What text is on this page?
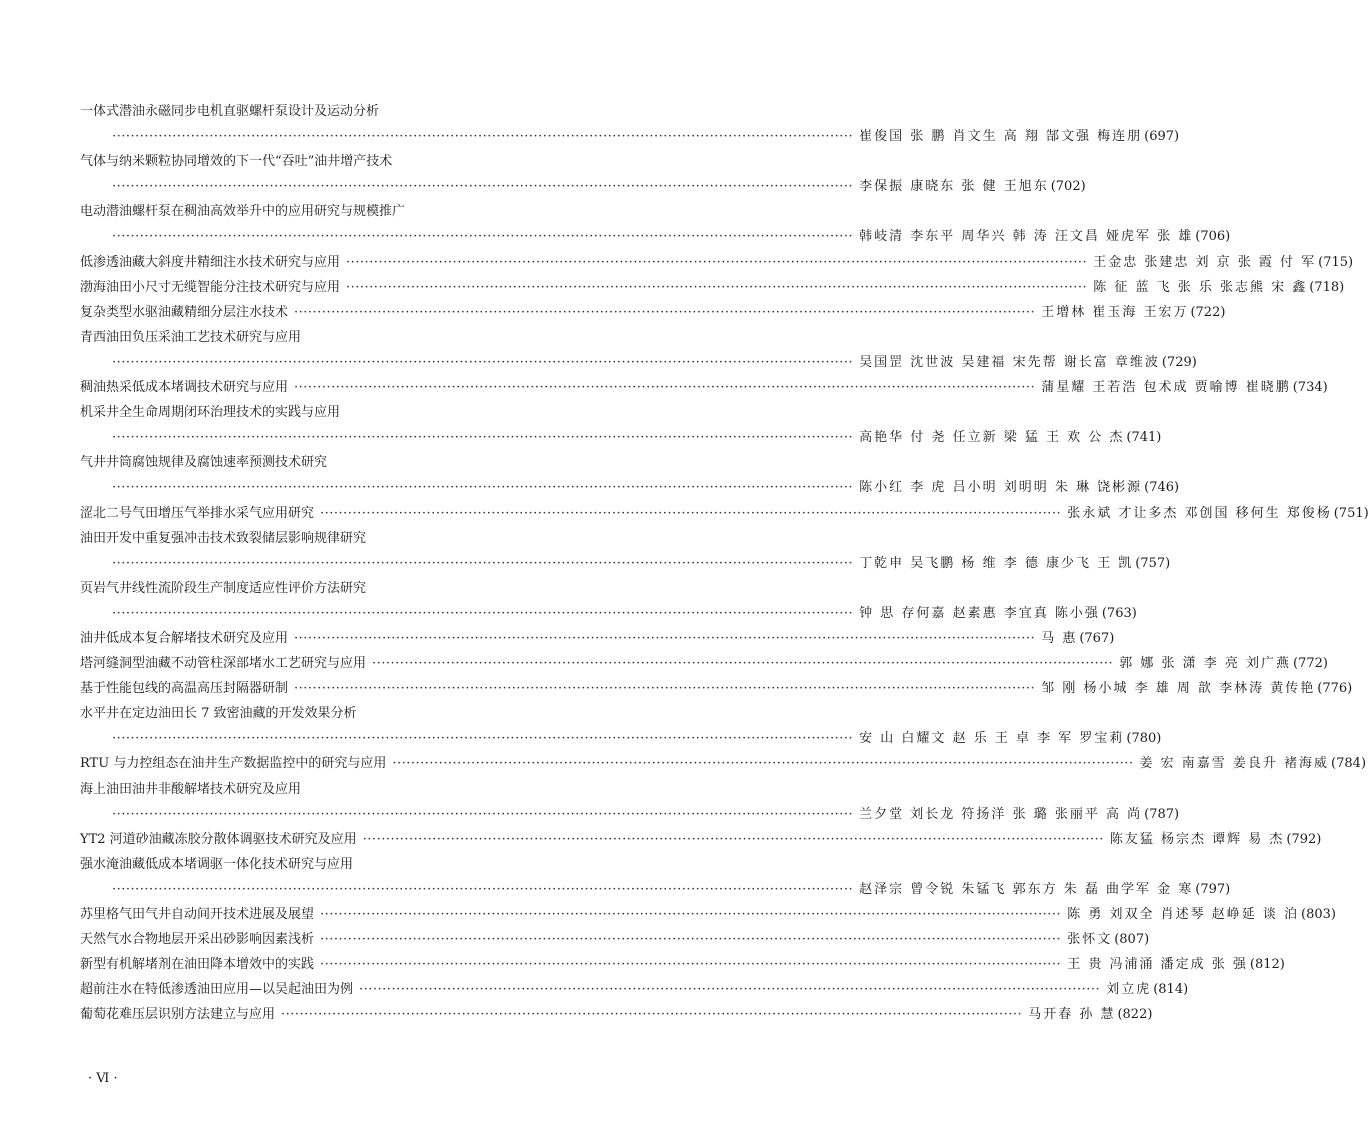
一体式潜油永磁同步电机直驱螺杆泵设计及运动分析
································································································································································ 崔俊国 张 鹏 肖文生 高 翔 郜文强 梅连朋 (697)
气体与纳米颗粒协同增效的下一代“吞吐”油井增产技术
································································································································································ 李保振 康晓东 张 健 王旭东 (702)
电动潜油螺杆泵在稠油高效举升中的应用研究与规模推广
································································································································································ 韩岐清 李东平 周华兴 韩 涛 汪文昌 娅虎军 张 雄 (706)
低渗透油藏大斜度井精细注水技术研究与应用 ································································································································································ 王金忠 张建忠 刘 京 张 霞 付 军 (715)
渤海油田小尺寸无缆智能分注技术研究与应用 ································································································································································ 陈 征 蓝 飞 张 乐 张志熊 宋 鑫 (718)
复杂类型水驱油藏精细分层注水技术 ································································································································································ 王增林 崔玉海 王宏万 (722)
青西油田负压采油工艺技术研究与应用
································································································································································ 吴国罡 沈世波 吴建福 宋先帮 谢长富 章维波 (729)
稠油热采低成本堵调技术研究与应用 ································································································································································ 蒲星耀 王若浩 包术成 贾喻博 崔晓鹏 (734)
机采井全生命周期闭环治理技术的实践与应用
································································································································································ 高艳华 付 尧 任立新 梁 猛 王 欢 公 杰 (741)
气井井筒腐蚀规律及腐蚀速率预测技术研究
································································································································································ 陈小红 李 虎 吕小明 刘明明 朱 琳 饶彬源 (746)
涩北二号气田增压气举排水采气应用研究 ································································································································································ 张永斌 才让多杰 邓创国 移何生 郑俊杨 (751)
油田开发中重复强冲击技术致裂储层影响规律研究
································································································································································ 丁乾申 吴飞鹏 杨 维 李 德 康少飞 王 凯 (757)
页岩气井线性流阶段生产制度适应性评价方法研究
································································································································································ 钟 思 存何嘉 赵素惠 李宜真 陈小强 (763)
油井低成本复合解堵技术研究及应用 ································································································································································ 马 惠 (767)
塔河缝洞型油藏不动管柱深部堵水工艺研究与应用 ································································································································································ 郭 娜 张 潇 李 亮 刘广燕 (772)
基于性能包线的高温高压封隔器研制 ································································································································································ 邹 刚 杨小城 李 雄 周 歆 李林涛 黄传艳 (776)
水平井在定边油田长 7 致密油藏的开发效果分析
································································································································································ 安 山 白耀文 赵 乐 王 卓 李 军 罗宝莉 (780)
RTU 与力控组态在油井生产数据监控中的研究与应用 ································································································································································ 姜 宏 南嘉雪 姜良升 褚海威 (784)
海上油田油井非酸解堵技术研究及应用
································································································································································ 兰夕堂 刘长龙 符扬洋 张 璐 张丽平 高 尚 (787)
YT2 河道砂油藏冻胶分散体调驱技术研究及应用 ································································································································································ 陈友猛 杨宗杰 谭辉 易 杰 (792)
强水淹油藏低成本堵调驱一体化技术研究与应用
································································································································································ 赵泽宗 曾令锐 朱锰飞 郭东方 朱 磊 曲学军 金 寒 (797)
苏里格气田气井自动间开技术进展及展望 ································································································································································ 陈 勇 刘双全 肖述琴 赵峥延 谈 泊 (803)
天然气水合物地层开采出砂影响因素浅析 ································································································································································ 张怀文 (807)
新型有机解堵剂在油田降本增效中的实践 ································································································································································ 王 贵 冯浦涌 潘定成 张 强 (812)
超前注水在特低渗透油田应用—以吴起油田为例 ································································································································································ 刘立虎 (814)
葡萄花难压层识别方法建立与应用 ································································································································································ 马开春 孙 慧 (822)
· Ⅵ ·
